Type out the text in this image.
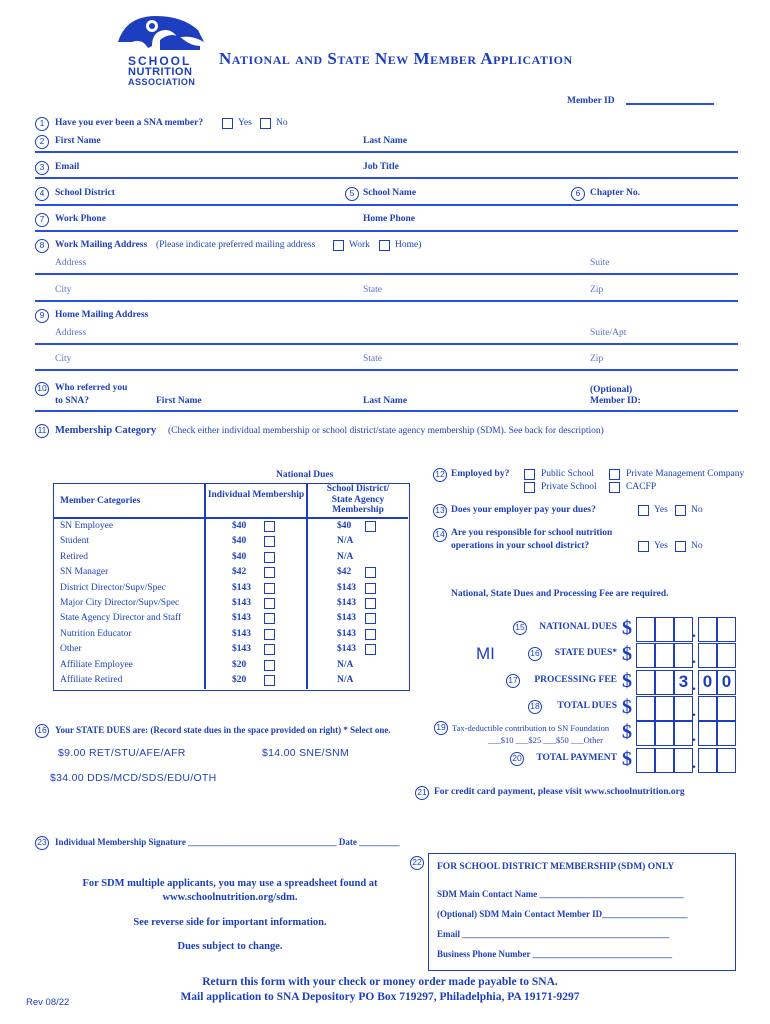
SCHOOL
NUTRITION
ASSOCIATION
National and State New Member Application
Member ID
1	Have you ever been a SNA member?	Yes	No
2	First Name	Last Name
3	Email	Job Title
4	School District	5 School Name	6	Chapter No.
7	Work Phone	Home Phone
8	Work Mailing Address (Please indicate preferred mailing address	Work	Home)
Address	Suite
City	State	Zip
9	Home Mailing Address
Address	Suite/Apt
City	State	Zip
10 Who referred you
to SNA?	First Name	Last Name
(Optional)
Member ID:
11 Membership Category (Check either individual membership or school district/state agency membership (SDM). See back for description)
National Dues
Member Categories
Individual Membership
School District/ State Agency Membership
SN Employee	$40	$40
Student	$40	N/A
Retired	$40	N/A
SN Manager	$42	$42
District Director/Supv/Spec	$143	$143
Major City Director/Supv/Spec	$143	$143
State Agency Director and Staff	$143	$143
Nutrition Educator	$143	$143
Other	$143	$143
Affiliate Employee	$20	N/A
Affiliate Retired	$20	N/A
12 Employed by?	Public School	Private Management Company
Private School	CACFP
13 Does your employer pay your dues?	Yes No
14 Are you responsible for school nutrition
operations in your school district?	Yes No
National, State Dues and Processing Fee are required.
15	NATIONAL DUES $	.
16	STATE DUES* $	.
17	PROCESSING FEE $	3 0 0
.
18	TOTAL DUES $	.
20	TOTAL PAYMENT $	.
MI
19 Tax-deductible contribution to SN Foundation
___$10 ___$25 ___$50 ___Other $	.
16 Your STATE DUES are: (Record state dues in the space provided on right) * Select one.
$9.00 RET/STU/AFE/AFR	$14.00 SNE/SNM
$34.00 DDS/MCD/SDS/EDU/OTH
21 For credit card payment, please visit www.schoolnutrition.org
23 Individual Membership Signature _________________________________ Date _________
For SDM multiple applicants, you may use a spreadsheet found at
www.schoolnutrition.org/sdm.
See reverse side for important information.
Dues subject to change.
22 FOR SCHOOL DISTRICT MEMBERSHIP (SDM) ONLY
SDM Main Contact Name ________________________________
(Optional) SDM Main Contact Member ID___________________
Email ______________________________________________
Business Phone Number _______________________________
Return this form with your check or money order made payable to SNA.
Mail application to SNA Depository PO Box 719297, Philadelphia, PA 19171-9297
Rev 08/22
